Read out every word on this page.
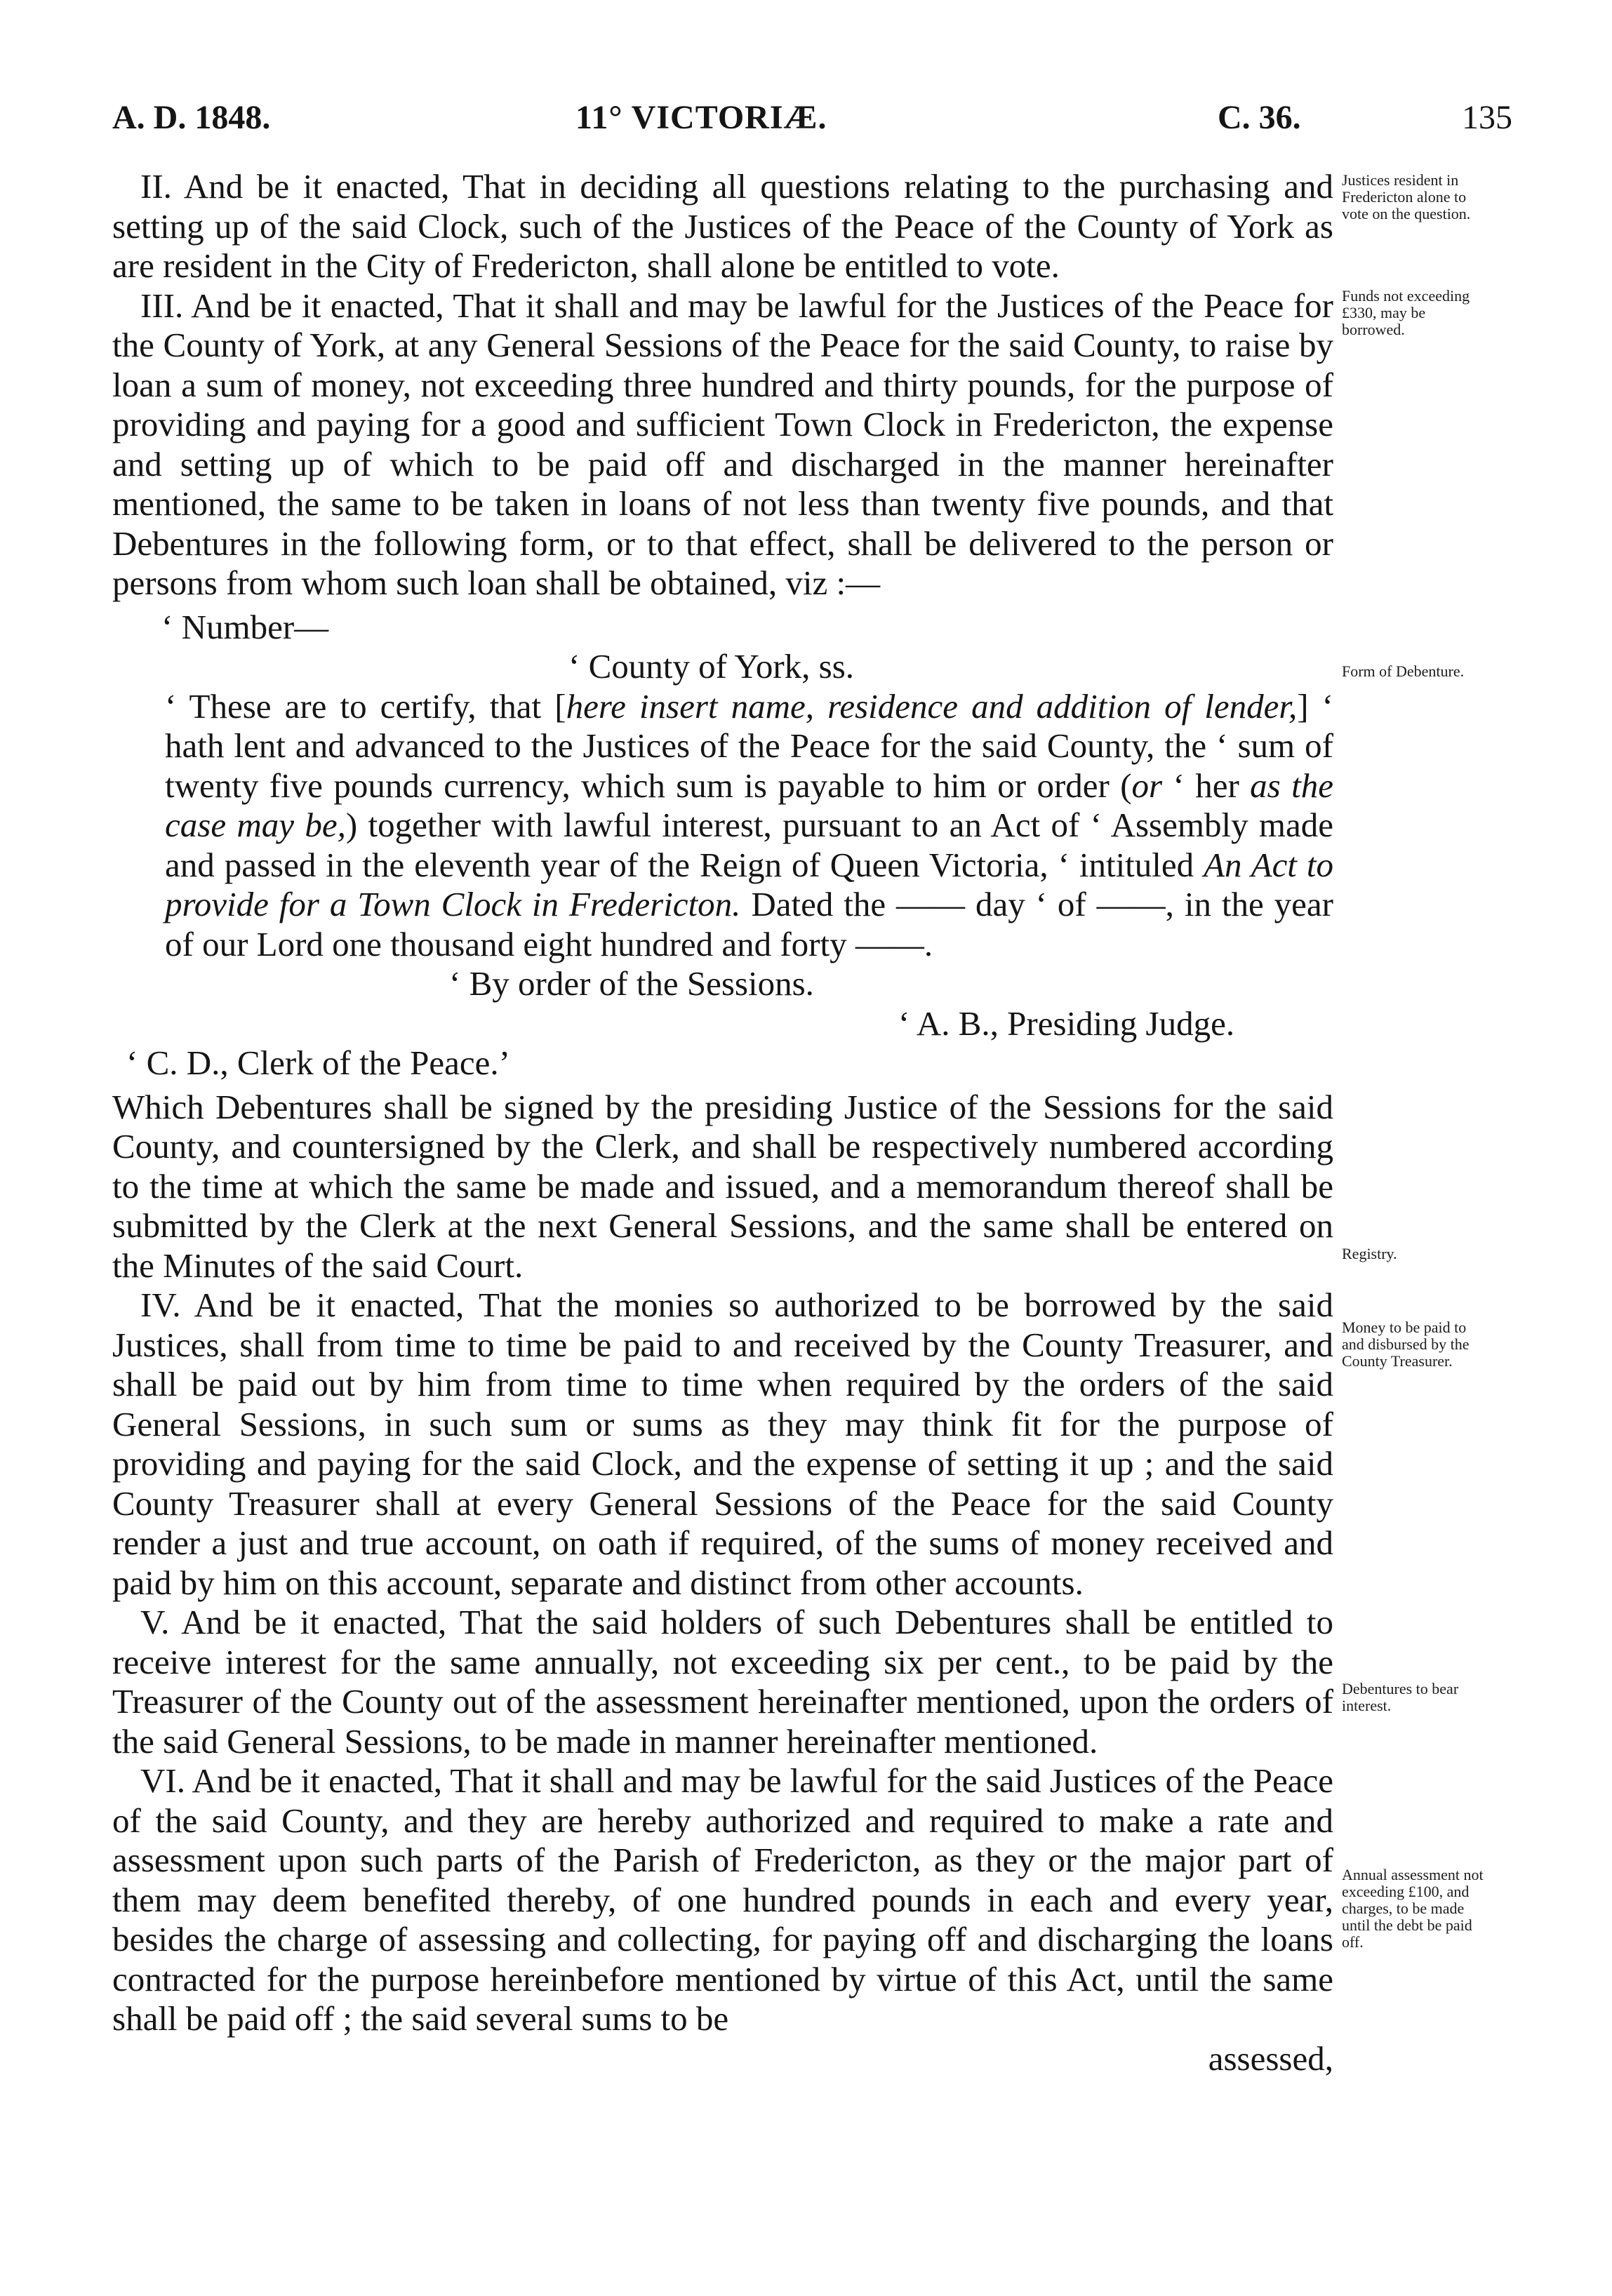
A. D. 1848.	11° VICTORIÆ.	C. 36.	135

II. And be it enacted, That in deciding all questions relating to the purchasing and setting up of the said Clock, such of the Justices of the Peace of the County of York as are resident in the City of Fredericton, shall alone be entitled to vote.

III. And be it enacted, That it shall and may be lawful for the Justices of the Peace for the County of York, at any General Sessions of the Peace for the said County, to raise by loan a sum of money, not exceeding three hundred and thirty pounds, for the purpose of providing and paying for a good and sufficient Town Clock in Fredericton, the expense and setting up of which to be paid off and discharged in the manner hereinafter mentioned, the same to be taken in loans of not less than twenty five pounds, and that Debentures in the following form, or to that effect, shall be delivered to the person or persons from whom such loan shall be obtained, viz :—

‘ Number—

‘ County of York, ss.

‘ These are to certify, that [here insert name, residence and addition of lender,] ‘ hath lent and advanced to the Justices of the Peace for the said County, the ‘ sum of twenty five pounds currency, which sum is payable to him or order (or ‘ her as the case may be,) together with lawful interest, pursuant to an Act of ‘ Assembly made and passed in the eleventh year of the Reign of Queen Victoria, ‘ intituled An Act to provide for a Town Clock in Fredericton. Dated the —— day ‘ of ——, in the year of our Lord one thousand eight hundred and forty ——.

‘ By order of the Sessions.

‘ A. B., Presiding Judge.

‘ C. D., Clerk of the Peace.’

Which Debentures shall be signed by the presiding Justice of the Sessions for the said County, and countersigned by the Clerk, and shall be respectively numbered according to the time at which the same be made and issued, and a memorandum thereof shall be submitted by the Clerk at the next General Sessions, and the same shall be entered on the Minutes of the said Court.

IV. And be it enacted, That the monies so authorized to be borrowed by the said Justices, shall from time to time be paid to and received by the County Treasurer, and shall be paid out by him from time to time when required by the orders of the said General Sessions, in such sum or sums as they may think fit for the purpose of providing and paying for the said Clock, and the expense of setting it up ; and the said County Treasurer shall at every General Sessions of the Peace for the said County render a just and true account, on oath if required, of the sums of money received and paid by him on this account, separate and distinct from other accounts.

V. And be it enacted, That the said holders of such Debentures shall be entitled to receive interest for the same annually, not exceeding six per cent., to be paid by the Treasurer of the County out of the assessment hereinafter mentioned, upon the orders of the said General Sessions, to be made in manner hereinafter mentioned.

VI. And be it enacted, That it shall and may be lawful for the said Justices of the Peace of the said County, and they are hereby authorized and required to make a rate and assessment upon such parts of the Parish of Fredericton, as they or the major part of them may deem benefited thereby, of one hundred pounds in each and every year, besides the charge of assessing and collecting, for paying off and discharging the loans contracted for the purpose hereinbefore mentioned by virtue of this Act, until the same shall be paid off ; the said several sums to be

assessed,

Justices resident in Fredericton alone to vote on the question.
Funds not exceeding £330, may be borrowed.
Form of Debenture.
Registry.
Money to be paid to and disbursed by the County Treasurer.
Debentures to bear interest.
Annual assessment not exceeding £100, and charges, to be made until the debt be paid off.
